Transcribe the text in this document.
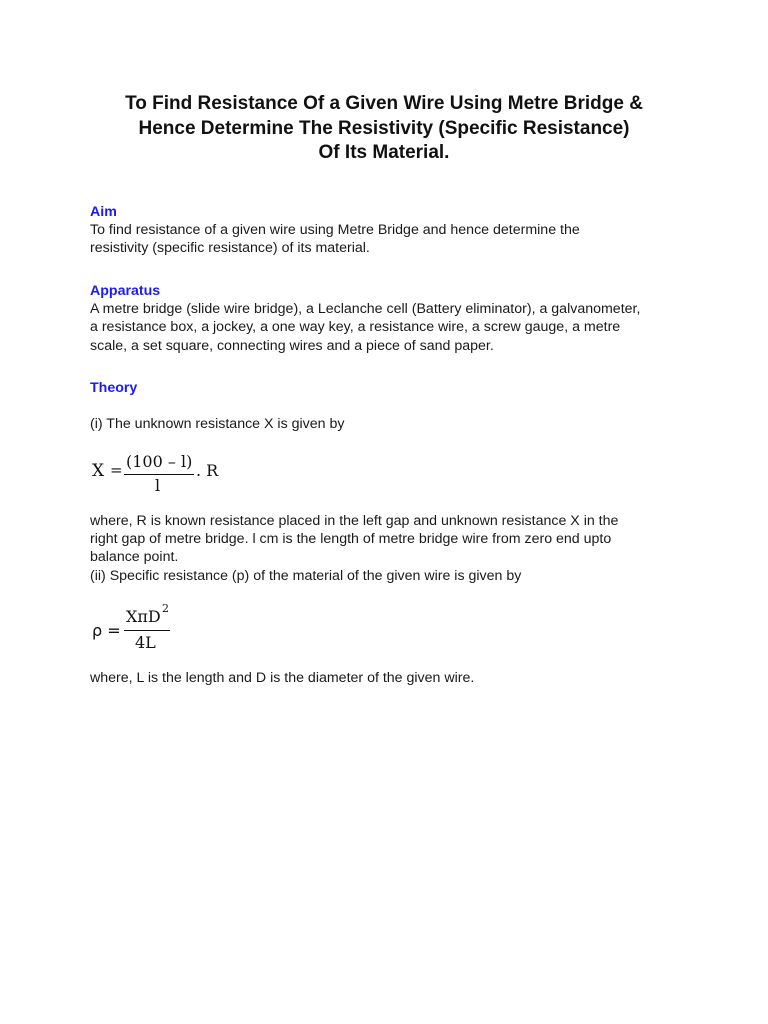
To Find Resistance Of a Given Wire Using Metre Bridge &
Hence Determine The Resistivity (Specific Resistance)
Of Its Material.
Aim
To find resistance of a given wire using Metre Bridge and hence determine the
resistivity (specific resistance) of its material.
Apparatus
A metre bridge (slide wire bridge), a Leclanche cell (Battery eliminator), a galvanometer,
a resistance box, a jockey, a one way key, a resistance wire, a screw gauge, a metre
scale, a set square, connecting wires and a piece of sand paper.
Theory
(i) The unknown resistance X is given by
X = (100 – l)
l
. R
where, R is known resistance placed in the left gap and unknown resistance X in the
right gap of metre bridge. l cm is the length of metre bridge wire from zero end upto
balance point.
(ii) Specific resistance (p) of the material of the given wire is given by
ρ =
XπD 2
4L
where, L is the length and D is the diameter of the given wire.
